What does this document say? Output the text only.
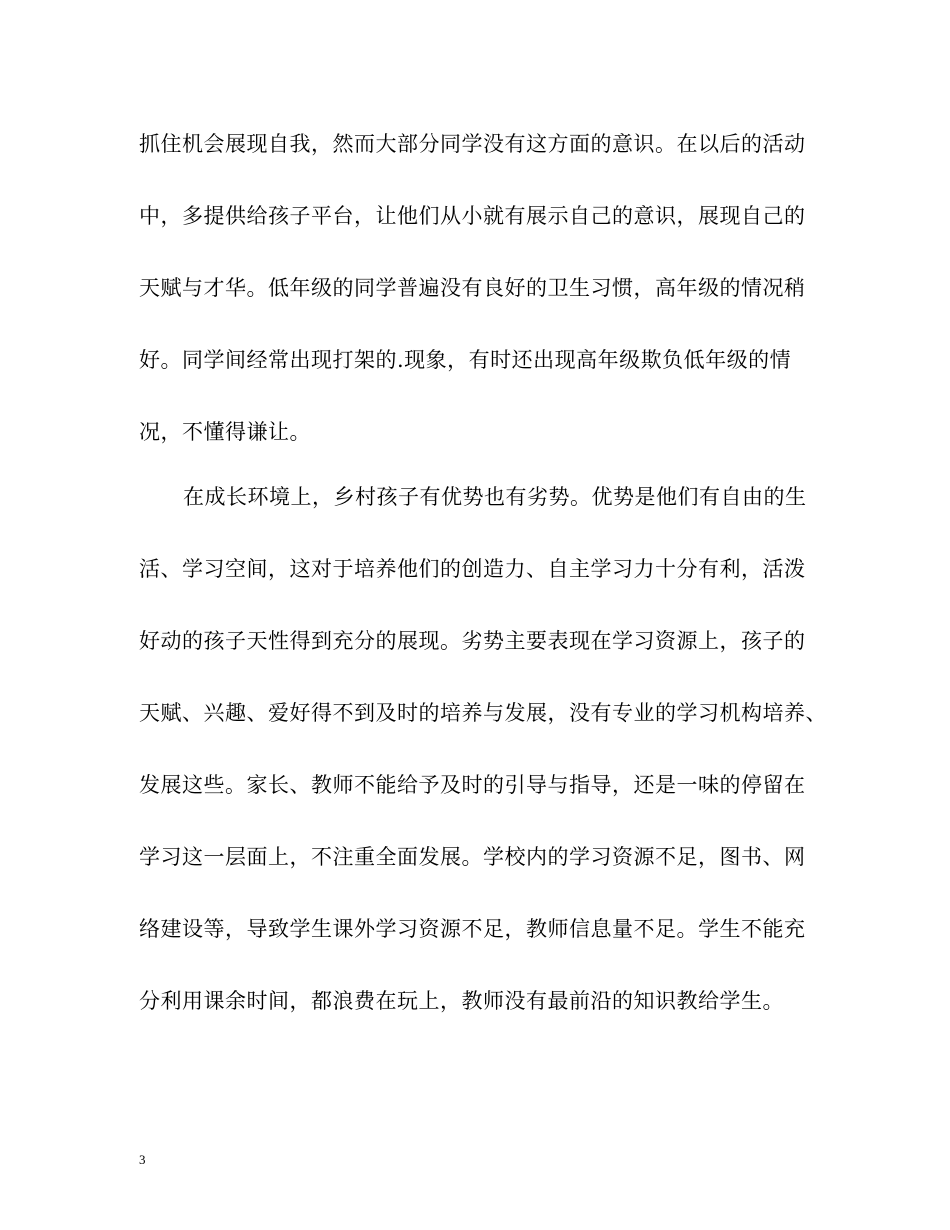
抓住机会展现自我，然而大部分同学没有这方面的意识。在以后的活动
中，多提供给孩子平台，让他们从小就有展示自己的意识，展现自己的
天赋与才华。低年级的同学普遍没有良好的卫生习惯，高年级的情况稍
好。同学间经常出现打架的.现象，有时还出现高年级欺负低年级的情
况，不懂得谦让。
在成长环境上，乡村孩子有优势也有劣势。优势是他们有自由的生
活、学习空间，这对于培养他们的创造力、自主学习力十分有利，活泼
好动的孩子天性得到充分的展现。劣势主要表现在学习资源上，孩子的
天赋、兴趣、爱好得不到及时的培养与发展，没有专业的学习机构培养、
发展这些。家长、教师不能给予及时的引导与指导，还是一味的停留在
学习这一层面上，不注重全面发展。学校内的学习资源不足，图书、网
络建设等，导致学生课外学习资源不足，教师信息量不足。学生不能充
分利用课余时间，都浪费在玩上，教师没有最前沿的知识教给学生。
3
